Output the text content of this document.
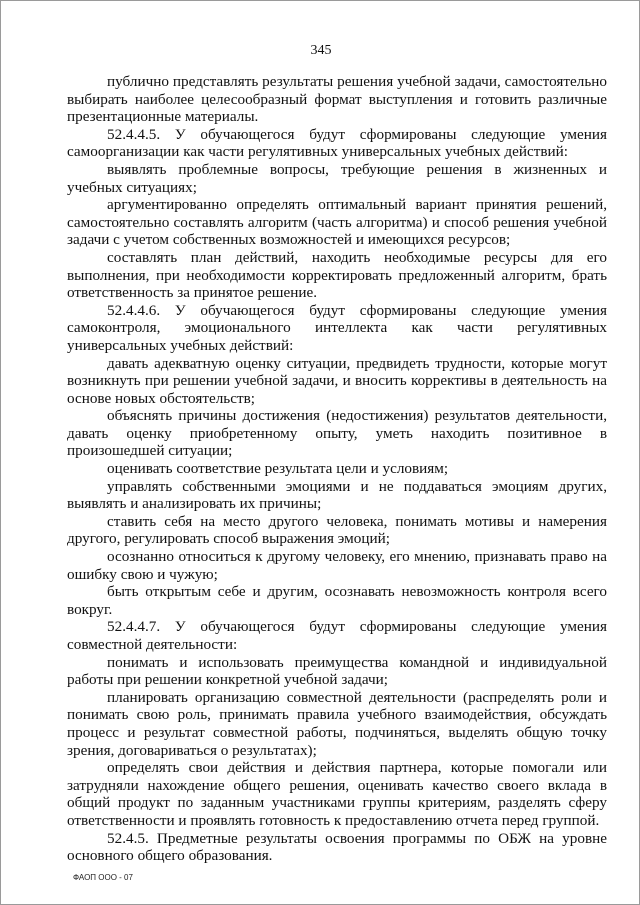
345

публично представлять результаты решения учебной задачи, самостоятельно выбирать наиболее целесообразный формат выступления и готовить различные презентационные материалы.

52.4.4.5. У обучающегося будут сформированы следующие умения самоорганизации как части регулятивных универсальных учебных действий:

выявлять проблемные вопросы, требующие решения в жизненных и учебных ситуациях;

аргументированно определять оптимальный вариант принятия решений, самостоятельно составлять алгоритм (часть алгоритма) и способ решения учебной задачи с учетом собственных возможностей и имеющихся ресурсов;

составлять план действий, находить необходимые ресурсы для его выполнения, при необходимости корректировать предложенный алгоритм, брать ответственность за принятое решение.

52.4.4.6. У обучающегося будут сформированы следующие умения самоконтроля, эмоционального интеллекта как части регулятивных универсальных учебных действий:

давать адекватную оценку ситуации, предвидеть трудности, которые могут возникнуть при решении учебной задачи, и вносить коррективы в деятельность на основе новых обстоятельств;

объяснять причины достижения (недостижения) результатов деятельности, давать оценку приобретенному опыту, уметь находить позитивное в произошедшей ситуации;

оценивать соответствие результата цели и условиям;

управлять собственными эмоциями и не поддаваться эмоциям других, выявлять и анализировать их причины;

ставить себя на место другого человека, понимать мотивы и намерения другого, регулировать способ выражения эмоций;

осознанно относиться к другому человеку, его мнению, признавать право на ошибку свою и чужую;

быть открытым себе и другим, осознавать невозможность контроля всего вокруг.

52.4.4.7. У обучающегося будут сформированы следующие умения совместной деятельности:

понимать и использовать преимущества командной и индивидуальной работы при решении конкретной учебной задачи;

планировать организацию совместной деятельности (распределять роли и понимать свою роль, принимать правила учебного взаимодействия, обсуждать процесс и результат совместной работы, подчиняться, выделять общую точку зрения, договариваться о результатах);

определять свои действия и действия партнера, которые помогали или затрудняли нахождение общего решения, оценивать качество своего вклада в общий продукт по заданным участниками группы критериям, разделять сферу ответственности и проявлять готовность к предоставлению отчета перед группой.

52.4.5. Предметные результаты освоения программы по ОБЖ на уровне основного общего образования.

ФАОП ООО - 07
